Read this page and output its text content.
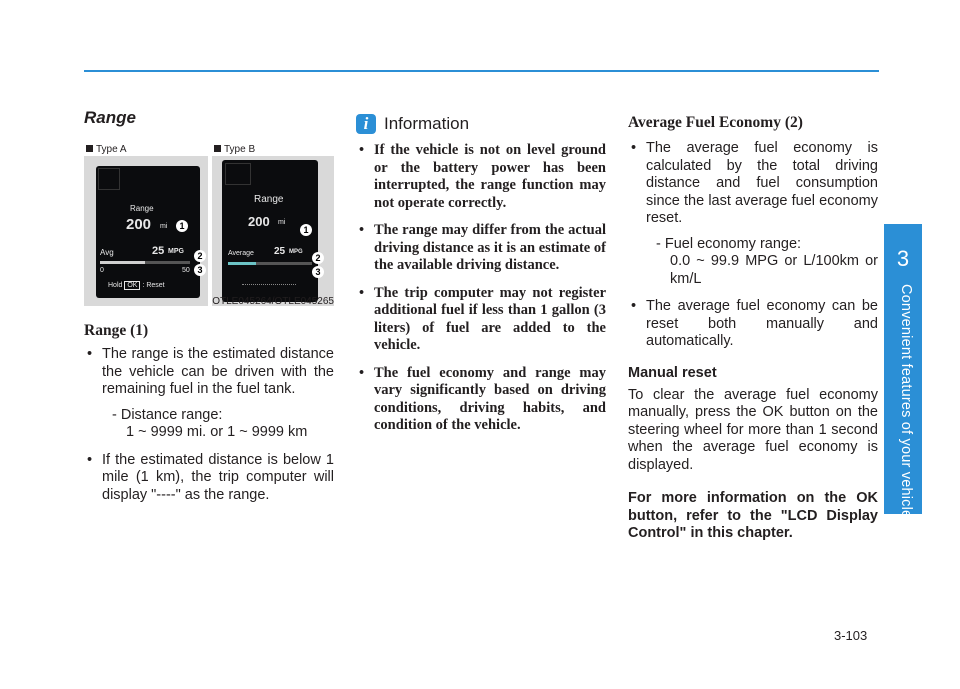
3
Convenient features of your vehicle
Range
Type A	Type B
Range
200 mi
Avg	25 MPG
0	50
Hold OK : Reset
1
2
3
Range
200 mi
Average 25 MPG
1
2
3
OTLE045264/OTLE045265
Range (1)
• The range is the estimated distance the vehicle can be driven with the remaining fuel in the fuel tank.
- Distance range:
1 ~ 9999 mi. or 1 ~ 9999 km
• If the estimated distance is below 1 mile (1 km), the trip computer will display "----" as the range.
i Information
• If the vehicle is not on level ground or the battery power has been interrupted, the range function may not operate correctly.
• The range may differ from the actual driving distance as it is an estimate of the available driving distance.
• The trip computer may not register additional fuel if less than 1 gallon (3 liters) of fuel are added to the vehicle.
• The fuel economy and range may vary significantly based on driving conditions, driving habits, and condition of the vehicle.
Average Fuel Economy (2)
• The average fuel economy is calculated by the total driving distance and fuel consumption since the last average fuel economy reset.
- Fuel economy range:
0.0 ~ 99.9 MPG or L/100km or km/L
• The average fuel economy can be reset both manually and automatically.
Manual reset
To clear the average fuel economy manually, press the OK button on the steering wheel for more than 1 second when the average fuel economy is displayed.
For more information on the OK button, refer to the "LCD Display Control" in this chapter.
3-103
